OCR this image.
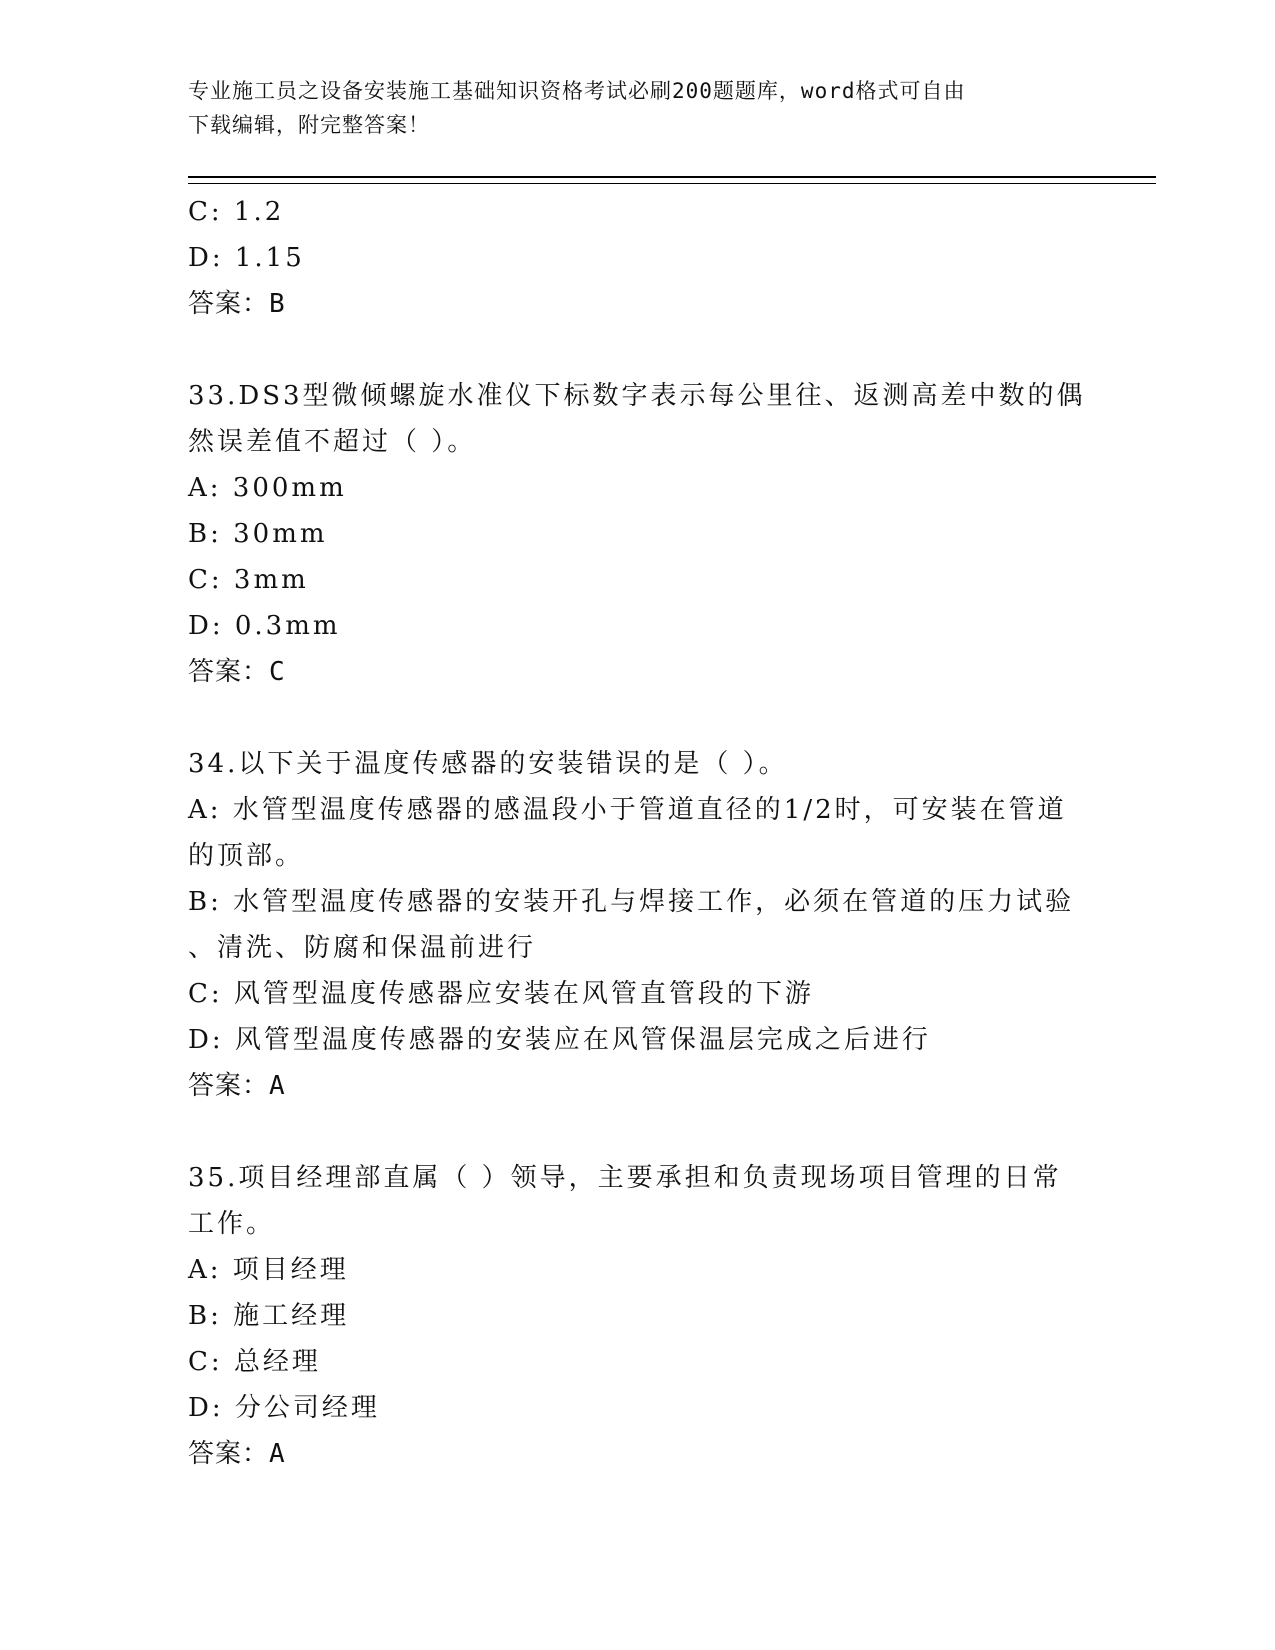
专业施工员之设备安装施工基础知识资格考试必刷200题题库，word格式可自由
下载编辑，附完整答案！
C: 1.2
D: 1.15
答案：B
33.DS3型微倾螺旋水准仪下标数字表示每公里往、返测高差中数的偶
然误差值不超过（ ）。
A: 300mm
B: 30mm
C: 3mm
D: 0.3mm
答案：C
34.以下关于温度传感器的安装错误的是（ ）。
A: 水管型温度传感器的感温段小于管道直径的1/2时，可安装在管道
的顶部。
B: 水管型温度传感器的安装开孔与焊接工作，必须在管道的压力试验
、清洗、防腐和保温前进行
C: 风管型温度传感器应安装在风管直管段的下游
D: 风管型温度传感器的安装应在风管保温层完成之后进行
答案：A
35.项目经理部直属（ ）领导，主要承担和负责现场项目管理的日常
工作。
A: 项目经理
B: 施工经理
C: 总经理
D: 分公司经理
答案：A
